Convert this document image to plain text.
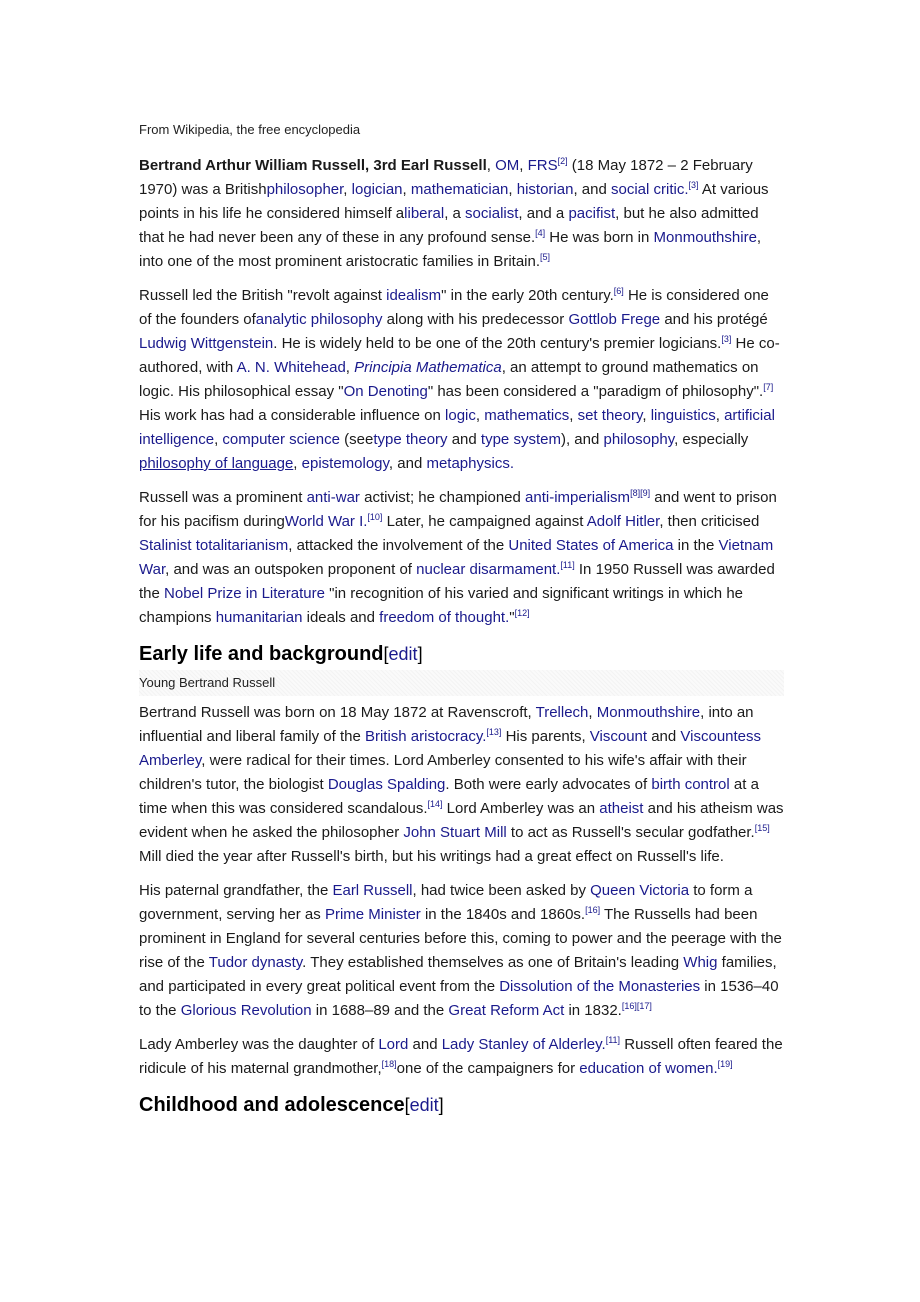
From Wikipedia, the free encyclopedia

Bertrand Arthur William Russell, 3rd Earl Russell, OM, FRS[2] (18 May 1872 – 2 February 1970) was a Britishphilosopher, logician, mathematician, historian, and social critic.[3] At various points in his life he considered himself aliberal, a socialist, and a pacifist, but he also admitted that he had never been any of these in any profound sense.[4] He was born in Monmouthshire, into one of the most prominent aristocratic families in Britain.[5]

Russell led the British "revolt against idealism" in the early 20th century.[6] He is considered one of the founders ofanalytic philosophy along with his predecessor Gottlob Frege and his protégé Ludwig Wittgenstein. He is widely held to be one of the 20th century's premier logicians.[3] He co-authored, with A. N. Whitehead, Principia Mathematica, an attempt to ground mathematics on logic. His philosophical essay "On Denoting" has been considered a "paradigm of philosophy".[7] His work has had a considerable influence on logic, mathematics, set theory, linguistics, artificial intelligence, computer science (seetype theory and type system), and philosophy, especially philosophy of language, epistemology, and metaphysics.

Russell was a prominent anti-war activist; he championed anti-imperialism[8][9] and went to prison for his pacifism duringWorld War I.[10] Later, he campaigned against Adolf Hitler, then criticised Stalinist totalitarianism, attacked the involvement of the United States of America in the Vietnam War, and was an outspoken proponent of nuclear disarmament.[11] In 1950 Russell was awarded the Nobel Prize in Literature "in recognition of his varied and significant writings in which he champions humanitarian ideals and freedom of thought."[12]

Early life and background[edit]
Young Bertrand Russell

Bertrand Russell was born on 18 May 1872 at Ravenscroft, Trellech, Monmouthshire, into an influential and liberal family of the British aristocracy.[13] His parents, Viscount and Viscountess Amberley, were radical for their times. Lord Amberley consented to his wife's affair with their children's tutor, the biologist Douglas Spalding. Both were early advocates of birth control at a time when this was considered scandalous.[14] Lord Amberley was an atheist and his atheism was evident when he asked the philosopher John Stuart Mill to act as Russell's secular godfather.[15] Mill died the year after Russell's birth, but his writings had a great effect on Russell's life.

His paternal grandfather, the Earl Russell, had twice been asked by Queen Victoria to form a government, serving her as Prime Minister in the 1840s and 1860s.[16] The Russells had been prominent in England for several centuries before this, coming to power and the peerage with the rise of the Tudor dynasty. They established themselves as one of Britain's leading Whig families, and participated in every great political event from the Dissolution of the Monasteries in 1536–40 to the Glorious Revolution in 1688–89 and the Great Reform Act in 1832.[16][17]

Lady Amberley was the daughter of Lord and Lady Stanley of Alderley.[11] Russell often feared the ridicule of his maternal grandmother,[18]one of the campaigners for education of women.[19]

Childhood and adolescence[edit]
